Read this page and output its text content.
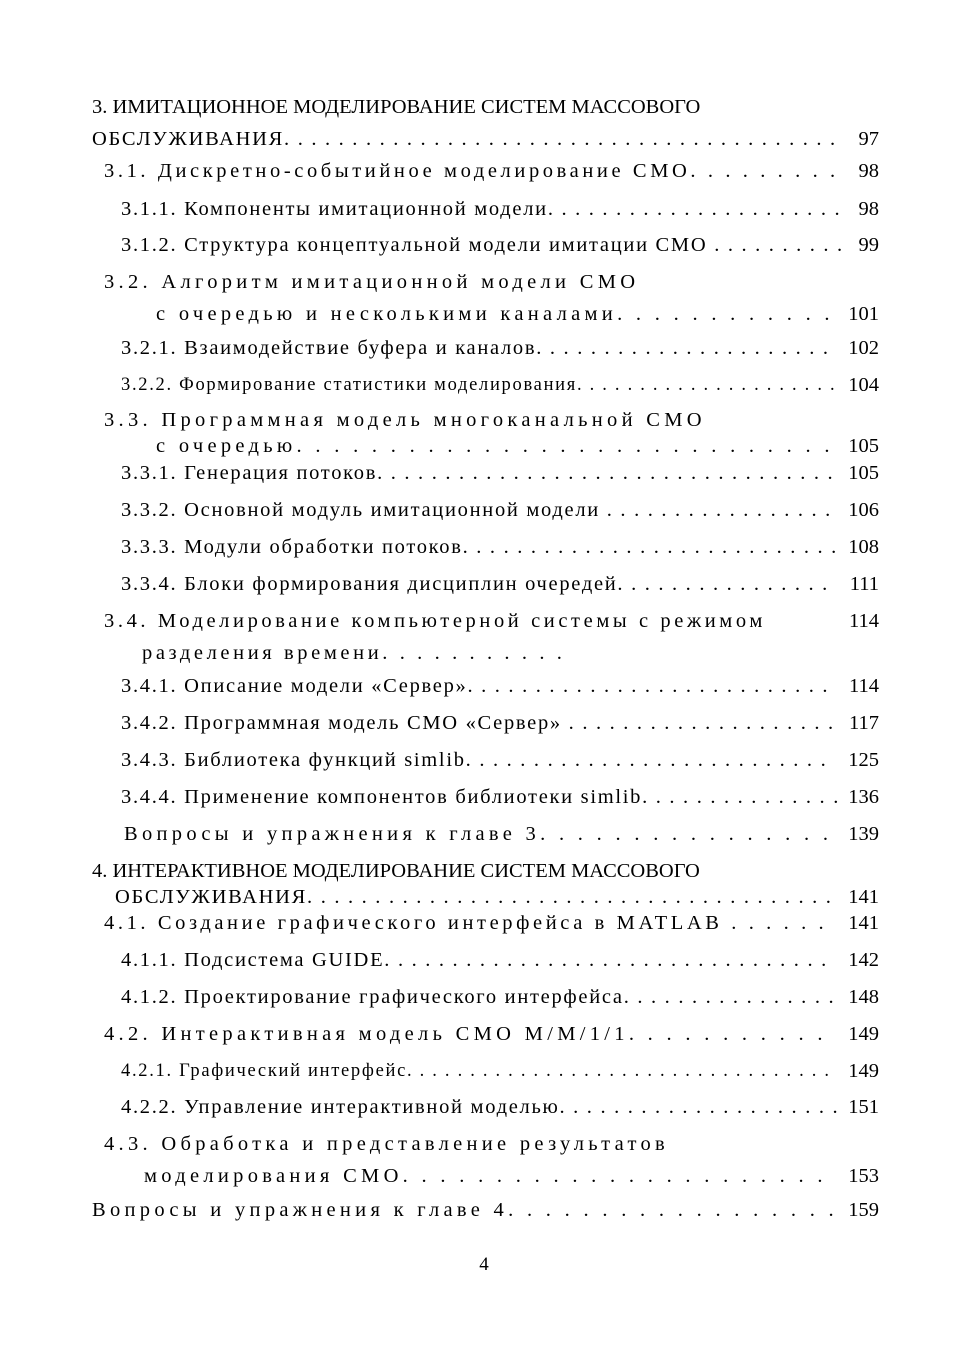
3. ИМИТАЦИОННОЕ МОДЕЛИРОВАНИЕ СИСТЕМ МАССОВОГО
ОБСЛУЖИВАНИЯ. . . . . . . . . . . . . . . . . . . . . . . . . . . . . . . . . . . . . . . . . 97
3.1. Дискретно-событийное моделирование СМО. . . . . . . . . 98
3.1.1. Компоненты имитационной модели. . . . . . . . . . . . . . . . . . . . . . 98
3.1.2. Структура концептуальной модели имитации СМО . . . . . . . . . . 99
3.2. Алгоритм имитационной модели СМО
с очередью и несколькими каналами. . . . . . . . . . . . 101
3.2.1. Взаимодействие буфера и каналов. . . . . . . . . . . . . . . . . . . . . . 102
3.2.2. Формирование статистики моделирования. . . . . . . . . . . . . . . . . . . . . 104
3.3. Программная модель многоканальной СМО
с очередью. . . . . . . . . . . . . . . . . . . . . . . . . . . . . 105
3.3.1. Генерация потоков. . . . . . . . . . . . . . . . . . . . . . . . . . . . . . . . . . 105
3.3.2. Основной модуль имитационной модели . . . . . . . . . . . . . . . . . 106
3.3.3. Модули обработки потоков. . . . . . . . . . . . . . . . . . . . . . . . . . . . 108
3.3.4. Блоки формирования дисциплин очередей. . . . . . . . . . . . . . . . 111
3.4. Моделирование компьютерной системы с режимом	114
разделения времени. . . . . . . . . . .
3.4.1. Описание модели «Сервер». . . . . . . . . . . . . . . . . . . . . . . . . . . 114
3.4.2. Программная модель СМО «Сервер» . . . . . . . . . . . . . . . . . . . . 117
3.4.3. Библиотека функций simlib. . . . . . . . . . . . . . . . . . . . . . . . . . . 125
3.4.4. Применение компонентов библиотеки simlib. . . . . . . . . . . . . . . 136
Вопросы и упражнения к главе 3. . . . . . . . . . . . . . . . 139
4. ИНТЕРАКТИВНОЕ МОДЕЛИРОВАНИЕ СИСТЕМ МАССОВОГО
ОБСЛУЖИВАНИЯ. . . . . . . . . . . . . . . . . . . . . . . . . . . . . . . . . . . . . . . 141
4.1. Создание графического интерфейса в MATLAB . . . . . . 141
4.1.1. Подсистема GUIDE. . . . . . . . . . . . . . . . . . . . . . . . . . . . . . . . . 142
4.1.2. Проектирование графического интерфейса. . . . . . . . . . . . . . . . 148
4.2. Интерактивная модель СМО М/М/1/1. . . . . . . . . . . 149
4.2.1. Графический интерфейс. . . . . . . . . . . . . . . . . . . . . . . . . . . . . . . . . . 149
4.2.2. Управление интерактивной моделью. . . . . . . . . . . . . . . . . . . . . 151
4.3. Обработка и представление результатов
моделирования СМО. . . . . . . . . . . . . . . . . . . . . . . 153
Вопросы и упражнения к главе 4. . . . . . . . . . . . . . . . . . 159
4
